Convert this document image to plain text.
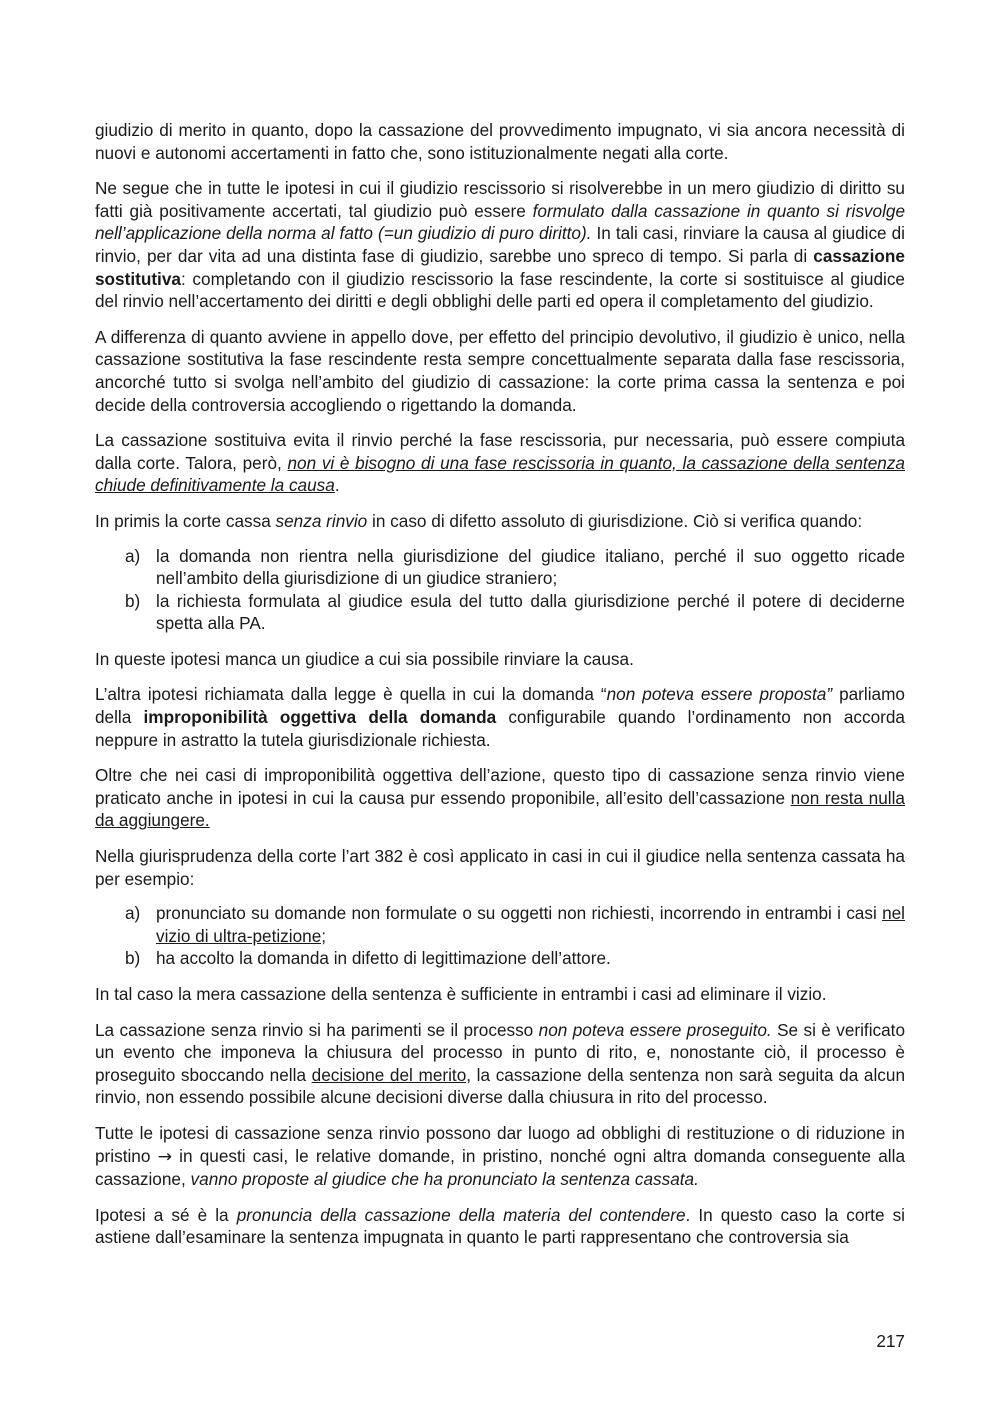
giudizio di merito in quanto, dopo la cassazione del provvedimento impugnato, vi sia ancora necessità di nuovi e autonomi accertamenti in fatto che, sono istituzionalmente negati alla corte.

Ne segue che in tutte le ipotesi in cui il giudizio rescissorio si risolverebbe in un mero giudizio di diritto su fatti già positivamente accertati, tal giudizio può essere formulato dalla cassazione in quanto si risvolge nell’applicazione della norma al fatto (=un giudizio di puro diritto). In tali casi, rinviare la causa al giudice di rinvio, per dar vita ad una distinta fase di giudizio, sarebbe uno spreco di tempo. Si parla di cassazione sostitutiva: completando con il giudizio rescissorio la fase rescindente, la corte si sostituisce al giudice del rinvio nell’accertamento dei diritti e degli obblighi delle parti ed opera il completamento del giudizio.

A differenza di quanto avviene in appello dove, per effetto del principio devolutivo, il giudizio è unico, nella cassazione sostitutiva la fase rescindente resta sempre concettualmente separata dalla fase rescissoria, ancorché tutto si svolga nell’ambito del giudizio di cassazione: la corte prima cassa la sentenza e poi decide della controversia accogliendo o rigettando la domanda.

La cassazione sostituiva evita il rinvio perché la fase rescissoria, pur necessaria, può essere compiuta dalla corte. Talora, però, non vi è bisogno di una fase rescissoria in quanto, la cassazione della sentenza chiude definitivamente la causa.

In primis la corte cassa senza rinvio in caso di difetto assoluto di giurisdizione. Ciò si verifica quando:

a) la domanda non rientra nella giurisdizione del giudice italiano, perché il suo oggetto ricade nell’ambito della giurisdizione di un giudice straniero;
b) la richiesta formulata al giudice esula del tutto dalla giurisdizione perché il potere di deciderne spetta alla PA.

In queste ipotesi manca un giudice a cui sia possibile rinviare la causa.

L’altra ipotesi richiamata dalla legge è quella in cui la domanda “non poteva essere proposta” parliamo della improponibilità oggettiva della domanda configurabile quando l’ordinamento non accorda neppure in astratto la tutela giurisdizionale richiesta.

Oltre che nei casi di improponibilità oggettiva dell’azione, questo tipo di cassazione senza rinvio viene praticato anche in ipotesi in cui la causa pur essendo proponibile, all’esito dell’cassazione non resta nulla da aggiungere.

Nella giurisprudenza della corte l’art 382 è così applicato in casi in cui il giudice nella sentenza cassata ha per esempio:

a) pronunciato su domande non formulate o su oggetti non richiesti, incorrendo in entrambi i casi nel vizio di ultra-petizione;
b) ha accolto la domanda in difetto di legittimazione dell’attore.

In tal caso la mera cassazione della sentenza è sufficiente in entrambi i casi ad eliminare il vizio.

La cassazione senza rinvio si ha parimenti se il processo non poteva essere proseguito. Se si è verificato un evento che imponeva la chiusura del processo in punto di rito, e, nonostante ciò, il processo è proseguito sboccando nella decisione del merito, la cassazione della sentenza non sarà seguita da alcun rinvio, non essendo possibile alcune decisioni diverse dalla chiusura in rito del processo.

Tutte le ipotesi di cassazione senza rinvio possono dar luogo ad obblighi di restituzione o di riduzione in pristino → in questi casi, le relative domande, in pristino, nonché ogni altra domanda conseguente alla cassazione, vanno proposte al giudice che ha pronunciato la sentenza cassata.

Ipotesi a sé è la pronuncia della cassazione della materia del contendere. In questo caso la corte si astiene dall’esaminare la sentenza impugnata in quanto le parti rappresentano che controversia sia

217
